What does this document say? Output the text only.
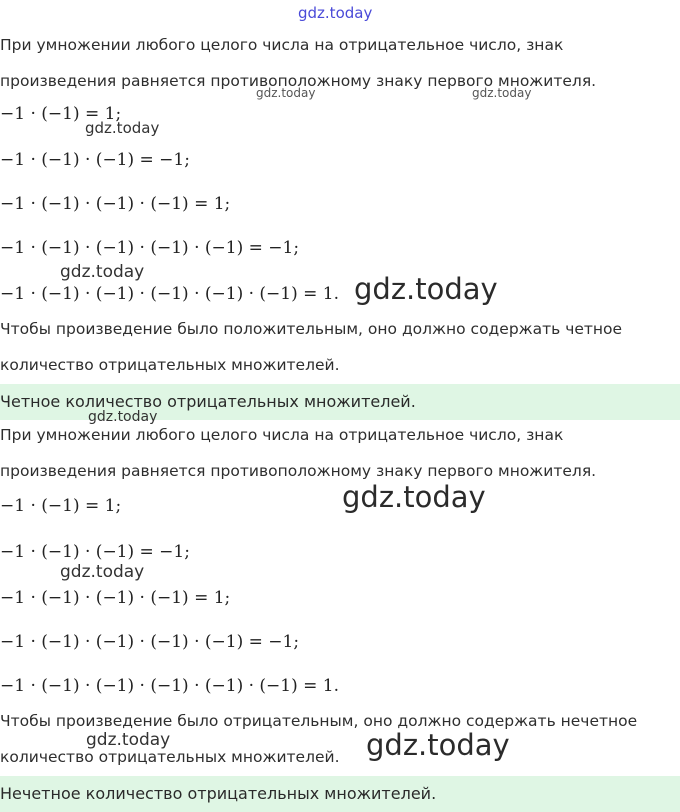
При умножении любого целого числа на отрицательное число, знак
произведения равняется противоположному знаку первого множителя.
−1 · (−1) = 1;
−1 · (−1) · (−1) = −1;
−1 · (−1) · (−1) · (−1) = 1;
−1 · (−1) · (−1) · (−1) · (−1) = −1;
−1 · (−1) · (−1) · (−1) · (−1) · (−1) = 1.
Чтобы произведение было положительным, оно должно содержать четное
количество отрицательных множителей.
Четное количество отрицательных множителей.
При умножении любого целого числа на отрицательное число, знак
произведения равняется противоположному знаку первого множителя.
−1 · (−1) = 1;
−1 · (−1) · (−1) = −1;
−1 · (−1) · (−1) · (−1) = 1;
−1 · (−1) · (−1) · (−1) · (−1) = −1;
−1 · (−1) · (−1) · (−1) · (−1) · (−1) = 1.
Чтобы произведение было отрицательным, оно должно содержать нечетное
количество отрицательных множителей.
Нечетное количество отрицательных множителей.
gdz.today
gdz.today	gdz.today
gdz.today
gdz.today	gdz.today
gdz.today
gdz.today
gdz.today
gdz.today	gdz.today
